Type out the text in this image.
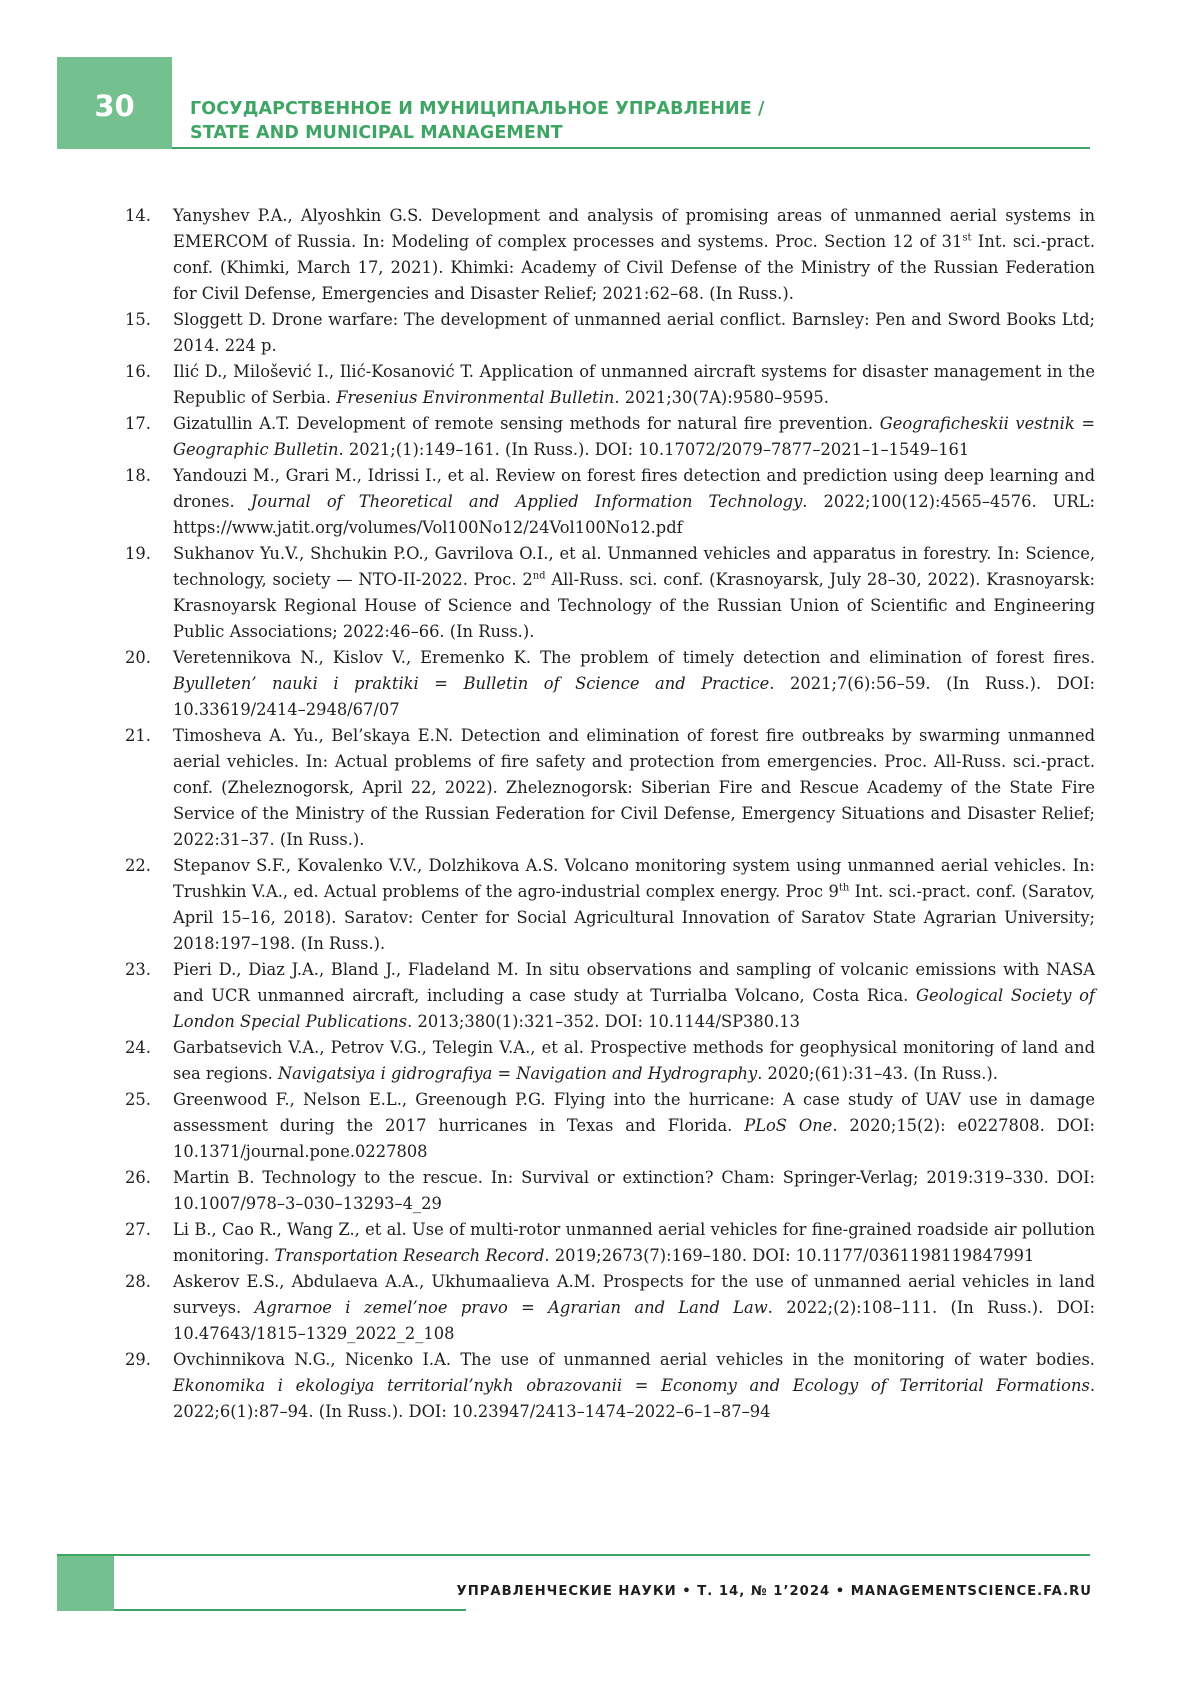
30	ГОСУДАРСТВЕННОЕ И МУНИЦИПАЛЬНОЕ УПРАВЛЕНИЕ /
STATE AND MUNICIPAL MANAGEMENT
14. Yanyshev P.A., Alyoshkin G.S. Development and analysis of promising areas of unmanned aerial systems in EMERCOM of Russia. In: Modeling of complex processes and systems. Proc. Section 12 of 31st Int. sci.-pract. conf. (Khimki, March 17, 2021). Khimki: Academy of Civil Defense of the Ministry of the Russian Federation for Civil Defense, Emergencies and Disaster Relief; 2021:62–68. (In Russ.).
15. Sloggett D. Drone warfare: The development of unmanned aerial conflict. Barnsley: Pen and Sword Books Ltd; 2014. 224 p.
16. Ilić D., Milošević I., Ilić-Kosanović T. Application of unmanned aircraft systems for disaster management in the Republic of Serbia. Fresenius Environmental Bulletin. 2021;30(7A):9580–9595.
17. Gizatullin A.T. Development of remote sensing methods for natural fire prevention. Geograficheskii vestnik = Geographic Bulletin. 2021;(1):149–161. (In Russ.). DOI: 10.17072/2079–7877–2021–1–1549–161
18. Yandouzi M., Grari M., Idrissi I., et al. Review on forest fires detection and prediction using deep learning and drones. Journal of Theoretical and Applied Information Technology. 2022;100(12):4565–4576. URL: https://www.jatit.org/volumes/Vol100No12/24Vol100No12.pdf
19. Sukhanov Yu.V., Shchukin P.O., Gavrilova O.I., et al. Unmanned vehicles and apparatus in forestry. In: Science, technology, society — NTO-II-2022. Proc. 2nd All-Russ. sci. conf. (Krasnoyarsk, July 28–30, 2022). Krasnoyarsk: Krasnoyarsk Regional House of Science and Technology of the Russian Union of Scientific and Engineering Public Associations; 2022:46–66. (In Russ.).
20. Veretennikova N., Kislov V., Eremenko K. The problem of timely detection and elimination of forest fires. Byulleten’ nauki i praktiki = Bulletin of Science and Practice. 2021;7(6):56–59. (In Russ.). DOI: 10.33619/2414–2948/67/07
21. Timosheva A. Yu., Bel’skaya E.N. Detection and elimination of forest fire outbreaks by swarming unmanned aerial vehicles. In: Actual problems of fire safety and protection from emergencies. Proc. All-Russ. sci.-pract. conf. (Zheleznogorsk, April 22, 2022). Zheleznogorsk: Siberian Fire and Rescue Academy of the State Fire Service of the Ministry of the Russian Federation for Civil Defense, Emergency Situations and Disaster Relief; 2022:31–37. (In Russ.).
22. Stepanov S.F., Kovalenko V.V., Dolzhikova A.S. Volcano monitoring system using unmanned aerial vehicles. In: Trushkin V.A., ed. Actual problems of the agro-industrial complex energy. Proc 9th Int. sci.-pract. conf. (Saratov, April 15–16, 2018). Saratov: Center for Social Agricultural Innovation of Saratov State Agrarian University; 2018:197–198. (In Russ.).
23. Pieri D., Diaz J.A., Bland J., Fladeland M. In situ observations and sampling of volcanic emissions with NASA and UCR unmanned aircraft, including a case study at Turrialba Volcano, Costa Rica. Geological Society of London Special Publications. 2013;380(1):321–352. DOI: 10.1144/SP380.13
24. Garbatsevich V.A., Petrov V.G., Telegin V.A., et al. Prospective methods for geophysical monitoring of land and sea regions. Navigatsiya i gidrografiya = Navigation and Hydrography. 2020;(61):31–43. (In Russ.).
25. Greenwood F., Nelson E.L., Greenough P.G. Flying into the hurricane: A case study of UAV use in damage assessment during the 2017 hurricanes in Texas and Florida. PLoS One. 2020;15(2): e0227808. DOI: 10.1371/journal.pone.0227808
26. Martin B. Technology to the rescue. In: Survival or extinction? Cham: Springer-Verlag; 2019:319–330. DOI: 10.1007/978–3–030–13293–4_29
27. Li B., Cao R., Wang Z., et al. Use of multi-rotor unmanned aerial vehicles for fine-grained roadside air pollution monitoring. Transportation Research Record. 2019;2673(7):169–180. DOI: 10.1177/0361198119847991
28. Askerov E.S., Abdulaeva A.A., Ukhumaalieva A.M. Prospects for the use of unmanned aerial vehicles in land surveys. Agrarnoe i zemel’noe pravo = Agrarian and Land Law. 2022;(2):108–111. (In Russ.). DOI: 10.47643/1815–1329_2022_2_108
29. Ovchinnikova N.G., Nicenko I.A. The use of unmanned aerial vehicles in the monitoring of water bodies. Ekonomika i ekologiya territorial’nykh obrazovanii = Economy and Ecology of Territorial Formations. 2022;6(1):87–94. (In Russ.). DOI: 10.23947/2413–1474–2022–6–1–87–94
УПРАВЛЕНЧЕСКИЕ НАУКИ • Т. 14, № 1’2024 • MANAGEMENTSCIENCE.FA.RU
